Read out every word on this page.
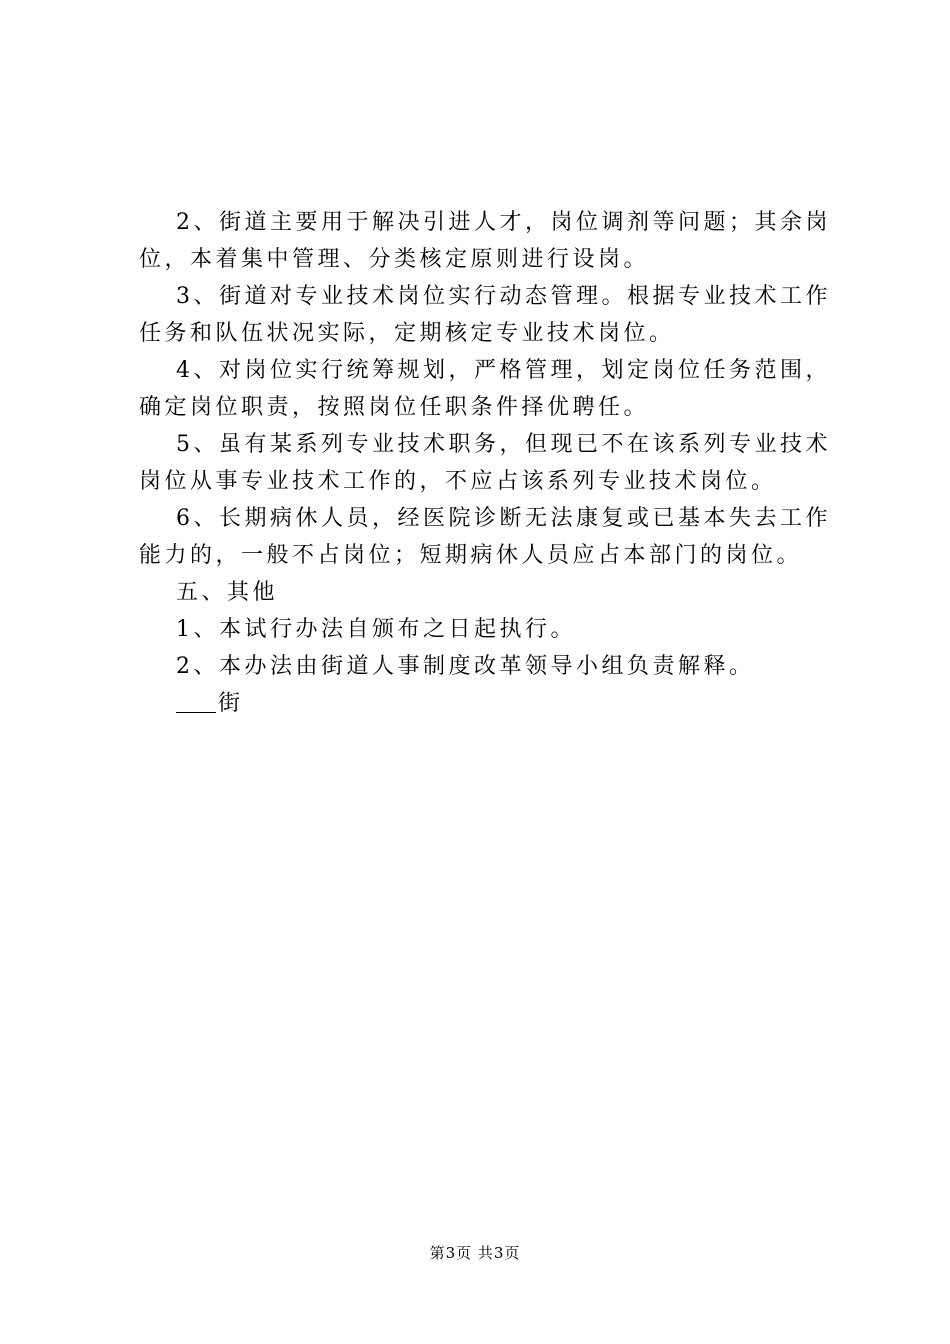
2、街道主要用于解决引进人才，岗位调剂等问题；其余岗
位，本着集中管理、分类核定原则进行设岗。
3、街道对专业技术岗位实行动态管理。根据专业技术工作
任务和队伍状况实际，定期核定专业技术岗位。
4、对岗位实行统筹规划，严格管理，划定岗位任务范围，
确定岗位职责，按照岗位任职条件择优聘任。
5、虽有某系列专业技术职务，但现已不在该系列专业技术
岗位从事专业技术工作的，不应占该系列专业技术岗位。
6、长期病休人员，经医院诊断无法康复或已基本失去工作
能力的，一般不占岗位；短期病休人员应占本部门的岗位。
五、其他
1、本试行办法自颁布之日起执行。
2、本办法由街道人事制度改革领导小组负责解释。
街
第3页 共3页
